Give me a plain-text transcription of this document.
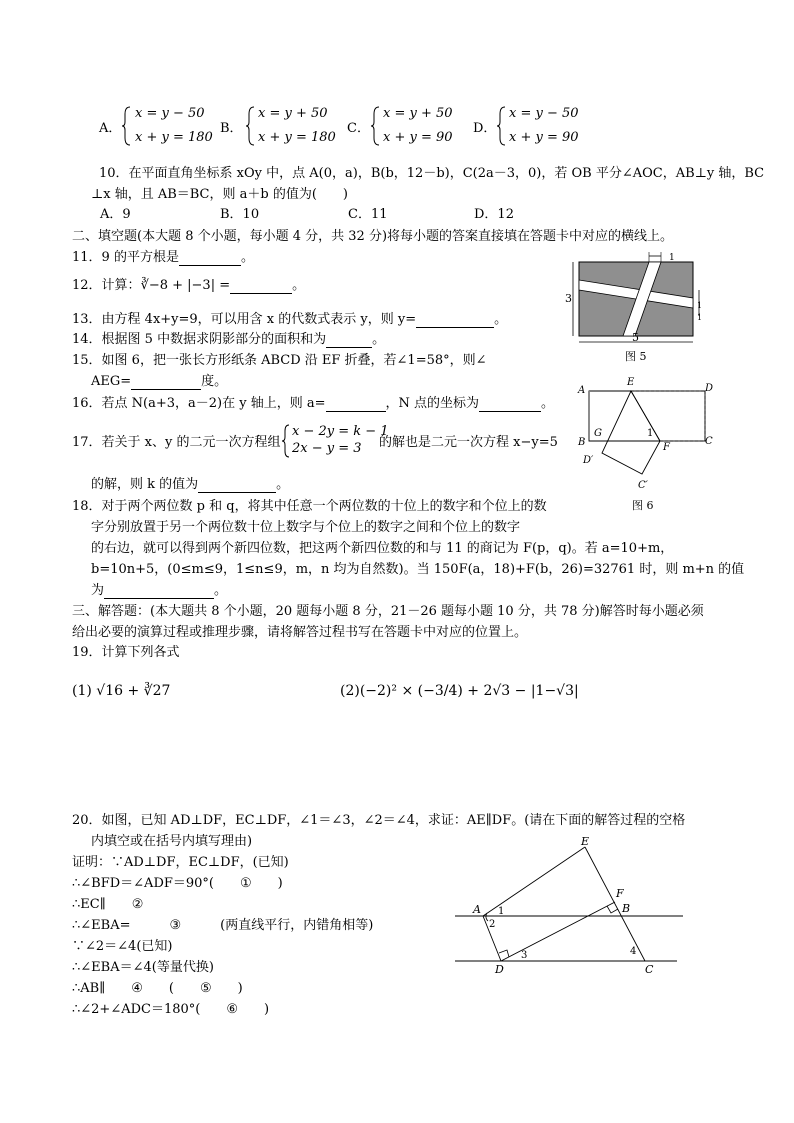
A．
x = y − 50
x + y = 180
B．
x = y + 50
x + y = 180
C．
x = y + 50
x + y = 90
D．
x = y − 50
x + y = 90
10．在平面直角坐标系 xOy 中，点 A(0，a)，B(b，12－b)，C(2a－3，0)，若 OB 平分∠AOC，AB⊥y 轴，BC
⊥x 轴，且 AB＝BC，则 a＋b 的值为(　　)
A．9	B．10	C．11	D．12
二、填空题(本大题 8 个小题，每小题 4 分，共 32 分)将每小题的答案直接填在答题卡中对应的横线上。
11．9 的平方根是	。
12．计算：∛−8 + |−3| =	。
13．由方程 4x+y=9，可以用含 x 的代数式表示 y，则 y=	。
14．根据图 5 中数据求阴影部分的面积和为	。
15．如图 6，把一张长方形纸条 ABCD 沿 EF 折叠，若∠1=58°，则∠
AEG=	度。
16．若点 N(a+3，a－2)在 y 轴上，则 a=	，N 点的坐标为	。
17．若关于 x、y 的二元一次方程组
x − 2y = k − 1
2x − y = 3 的解也是二元一次方程 x−y=5
的解，则 k 的值为	。
18．对于两个两位数 p 和 q，将其中任意一个两位数的十位上的数字和个位上的数
字分别放置于另一个两位数十位上数字与个位上的数字之间和个位上的数字
的右边，就可以得到两个新四位数，把这两个新四位数的和与 11 的商记为 F(p，q)。若 a=10+m，
b=10n+5，(0≤m≤9，1≤n≤9，m，n 均为自然数)。当 150F(a，18)+F(b，26)=32761 时，则 m+n 的值
为	。
三、解答题：(本大题共 8 个小题，20 题每小题 8 分，21－26 题每小题 10 分，共 78 分)解答时每小题必须
给出必要的演算过程或推理步骤，请将解答过程书写在答题卡中对应的位置上。
19．计算下列各式
(1) √16 + ∛27	(2)(−2)² × (−3/4) + 2√3 − |1−√3|
20．如图，已知 AD⊥DF，EC⊥DF，∠1＝∠3，∠2＝∠4，求证：AE∥DF。(请在下面的解答过程的空格
内填空或在括号内填写理由)
证明：∵AD⊥DF，EC⊥DF，(已知)
∴∠BFD＝∠ADF＝90°(　　①　　)
∴EC∥　　②　　　
∴∠EBA=　　　③　　　(两直线平行，内错角相等)
∵∠2＝∠4(已知)
∴∠EBA＝∠4(等量代换)
∴AB∥　　④　　(　　⑤　　)
∴∠2+∠ADC＝180°(　　⑥　　)
1
3
1
1
5
图 5
A
E
D
B
G	1
F
C
D′
C′
图 6
E
F
A 1	B
2
D
3	4
C
